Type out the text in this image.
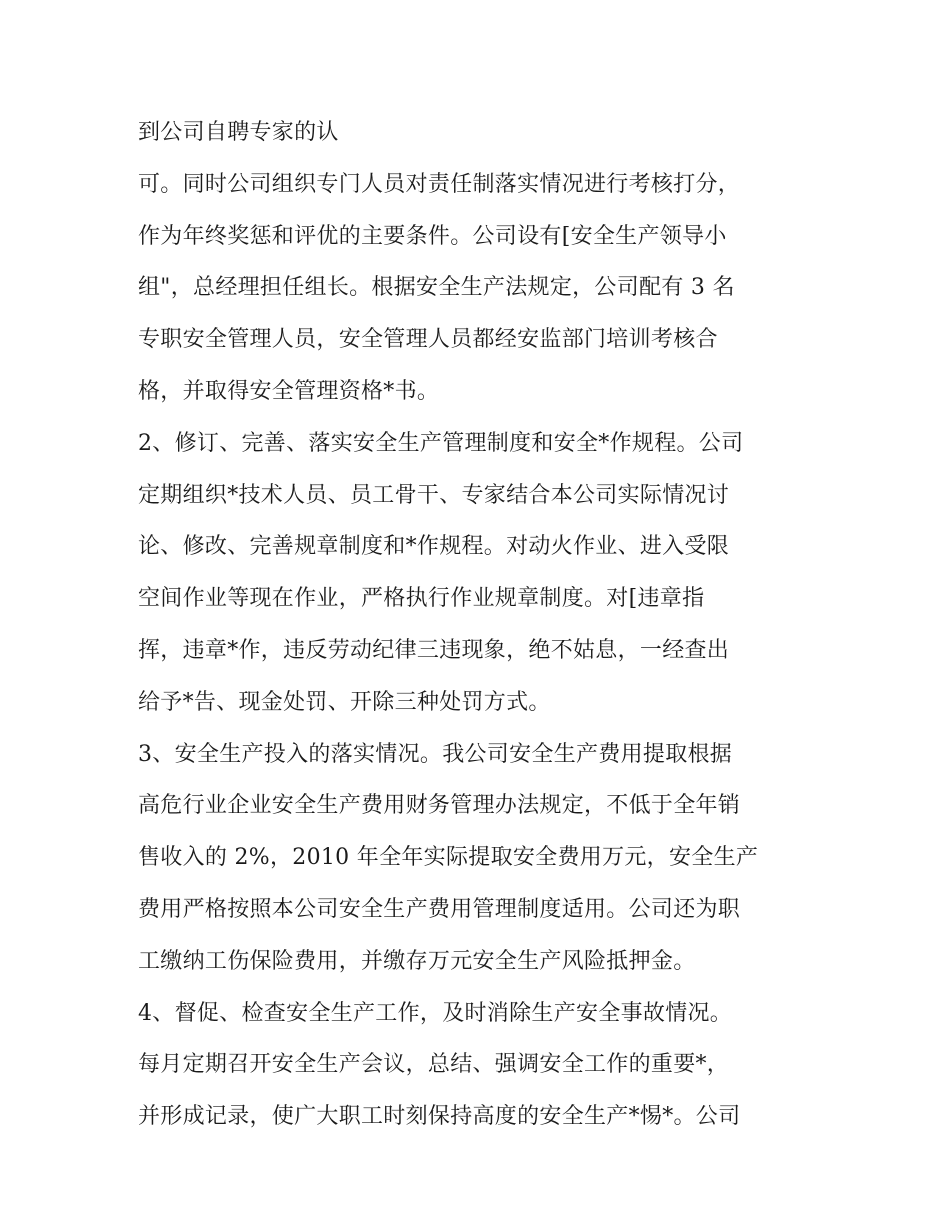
到公司自聘专家的认
可。同时公司组织专门人员对责任制落实情况进行考核打分，
作为年终奖惩和评优的主要条件。公司设有[安全生产领导小
组"，总经理担任组长。根据安全生产法规定，公司配有 3 名
专职安全管理人员，安全管理人员都经安监部门培训考核合
格，并取得安全管理资格*书。
2、修订、完善、落实安全生产管理制度和安全*作规程。公司
定期组织*技术人员、员工骨干、专家结合本公司实际情况讨
论、修改、完善规章制度和*作规程。对动火作业、进入受限
空间作业等现在作业，严格执行作业规章制度。对[违章指
挥，违章*作，违反劳动纪律三违现象，绝不姑息，一经查出
给予*告、现金处罚、开除三种处罚方式。
3、安全生产投入的落实情况。我公司安全生产费用提取根据
高危行业企业安全生产费用财务管理办法规定，不低于全年销
售收入的 2%，2010 年全年实际提取安全费用万元，安全生产
费用严格按照本公司安全生产费用管理制度适用。公司还为职
工缴纳工伤保险费用，并缴存万元安全生产风险抵押金。
4、督促、检查安全生产工作，及时消除生产安全事故情况。
每月定期召开安全生产会议，总结、强调安全工作的重要*，
并形成记录，使广大职工时刻保持高度的安全生产*惕*。公司
